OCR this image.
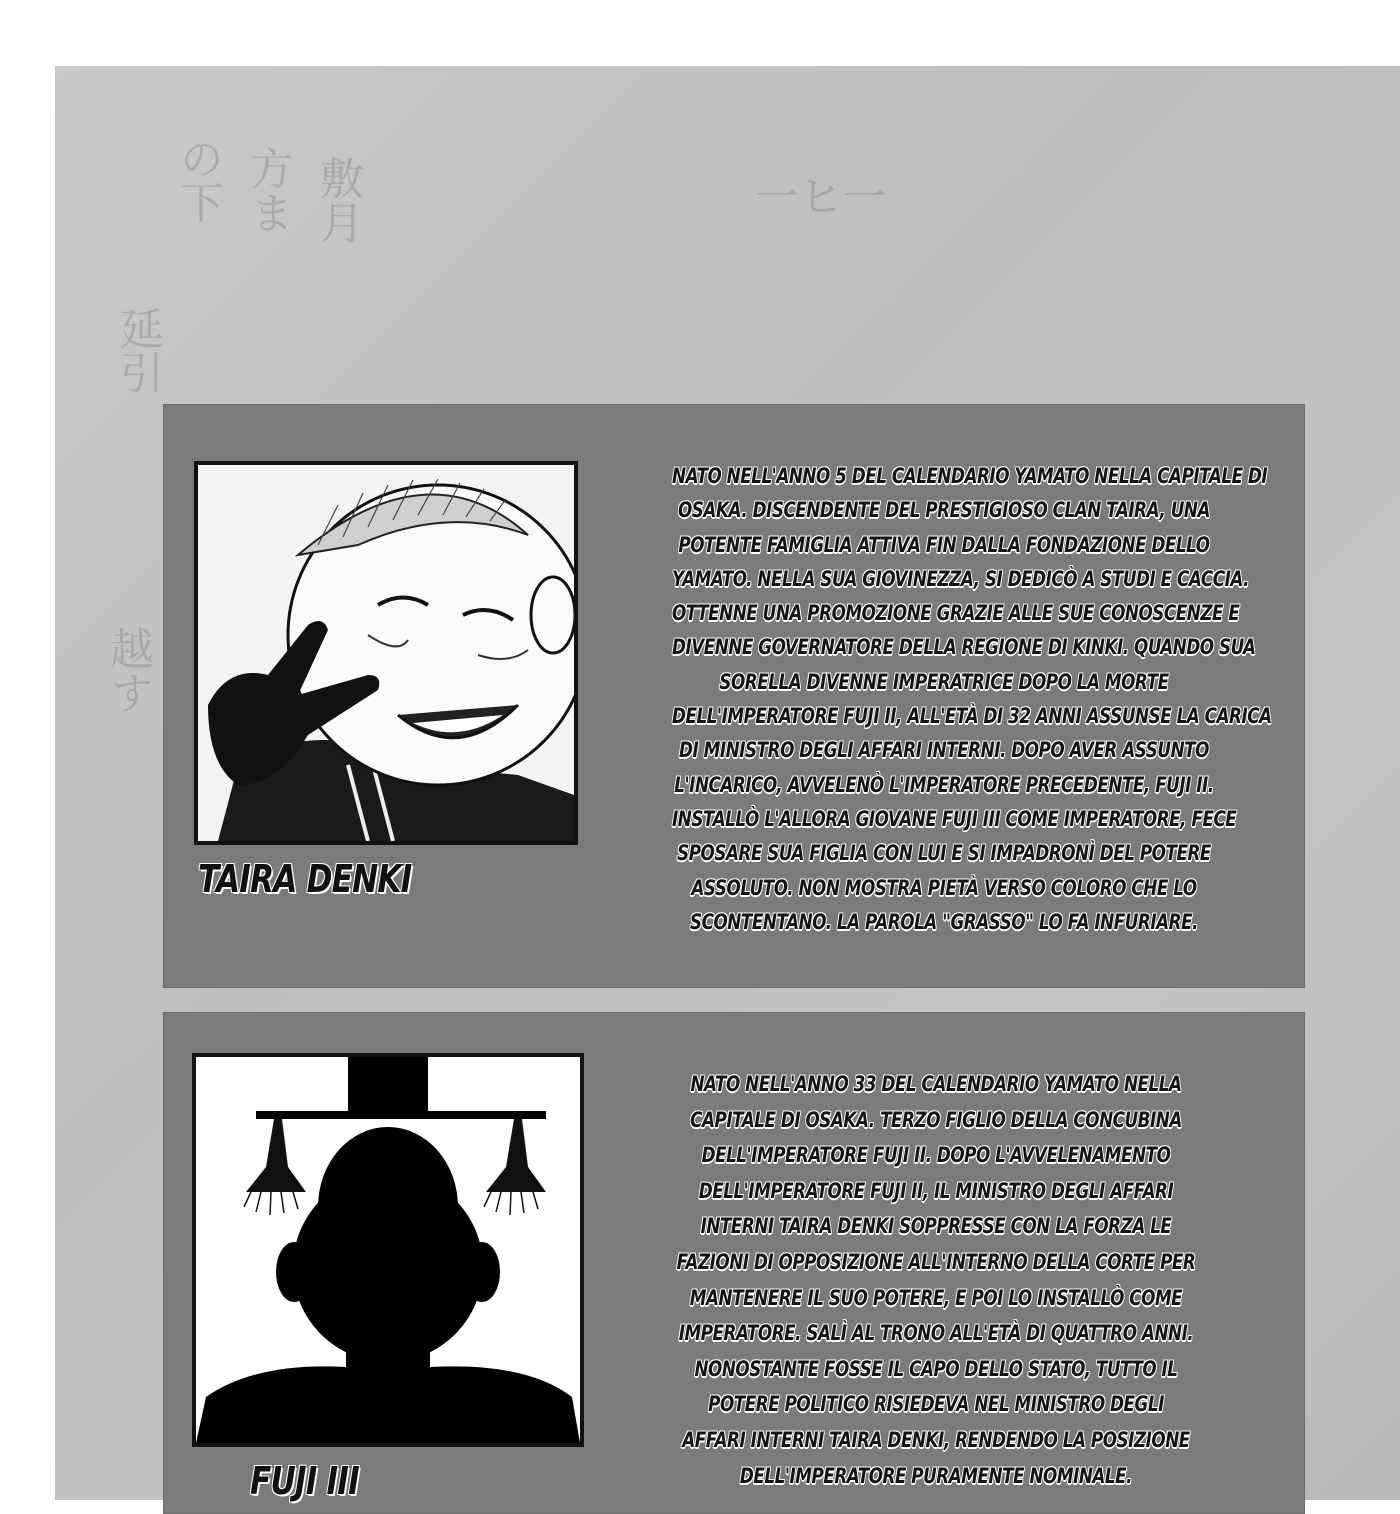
の下 方ま 敷月
延引
越す
一ヒ一
TAIRA DENKI

NATO NELL'ANNO 5 DEL CALENDARIO YAMATO NELLA CAPITALE DI
OSAKA. DISCENDENTE DEL PRESTIGIOSO CLAN TAIRA, UNA
POTENTE FAMIGLIA ATTIVA FIN DALLA FONDAZIONE DELLO
YAMATO. NELLA SUA GIOVINEZZA, SI DEDICÒ A STUDI E CACCIA.
OTTENNE UNA PROMOZIONE GRAZIE ALLE SUE CONOSCENZE E
DIVENNE GOVERNATORE DELLA REGIONE DI KINKI. QUANDO SUA
SORELLA DIVENNE IMPERATRICE DOPO LA MORTE
DELL'IMPERATORE FUJI II, ALL'ETÀ DI 32 ANNI ASSUNSE LA CARICA
DI MINISTRO DEGLI AFFARI INTERNI. DOPO AVER ASSUNTO
L'INCARICO, AVVELENÒ L'IMPERATORE PRECEDENTE, FUJI II.
INSTALLÒ L'ALLORA GIOVANE FUJI III COME IMPERATORE, FECE
SPOSARE SUA FIGLIA CON LUI E SI IMPADRONÌ DEL POTERE
ASSOLUTO. NON MOSTRA PIETÀ VERSO COLORO CHE LO
SCONTENTANO. LA PAROLA "GRASSO" LO FA INFURIARE.

FUJI III

NATO NELL'ANNO 33 DEL CALENDARIO YAMATO NELLA
CAPITALE DI OSAKA. TERZO FIGLIO DELLA CONCUBINA
DELL'IMPERATORE FUJI II. DOPO L'AVVELENAMENTO
DELL'IMPERATORE FUJI II, IL MINISTRO DEGLI AFFARI
INTERNI TAIRA DENKI SOPPRESSE CON LA FORZA LE
FAZIONI DI OPPOSIZIONE ALL'INTERNO DELLA CORTE PER
MANTENERE IL SUO POTERE, E POI LO INSTALLÒ COME
IMPERATORE. SALÌ AL TRONO ALL'ETÀ DI QUATTRO ANNI.
NONOSTANTE FOSSE IL CAPO DELLO STATO, TUTTO IL
POTERE POLITICO RISIEDEVA NEL MINISTRO DEGLI
AFFARI INTERNI TAIRA DENKI, RENDENDO LA POSIZIONE
DELL'IMPERATORE PURAMENTE NOMINALE.
